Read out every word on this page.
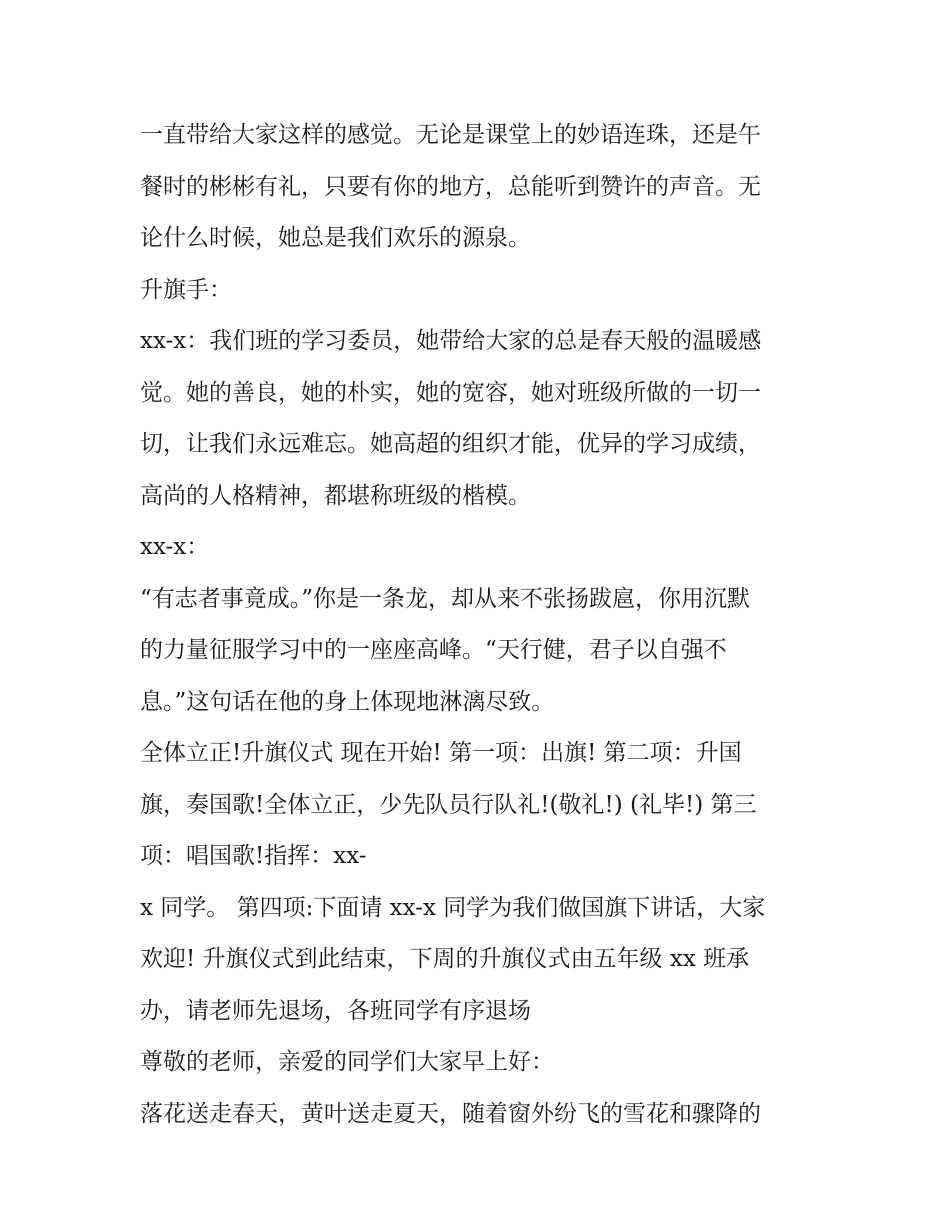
一直带给大家这样的感觉。无论是课堂上的妙语连珠，还是午
餐时的彬彬有礼，只要有你的地方，总能听到赞许的声音。无
论什么时候，她总是我们欢乐的源泉。
升旗手：
xx-x：我们班的学习委员，她带给大家的总是春天般的温暖感
觉。她的善良，她的朴实，她的宽容，她对班级所做的一切一
切，让我们永远难忘。她高超的组织才能，优异的学习成绩，
高尚的人格精神，都堪称班级的楷模。
xx-x：
“有志者事竟成。”你是一条龙，却从来不张扬跋扈，你用沉默
的力量征服学习中的一座座高峰。“天行健，君子以自强不
息。”这句话在他的身上体现地淋漓尽致。
全体立正!升旗仪式 现在开始! 第一项：出旗! 第二项：升国
旗，奏国歌!全体立正，少先队员行队礼!(敬礼!) (礼毕!) 第三
项：唱国歌!指挥：xx-
x 同学。 第四项:下面请 xx-x 同学为我们做国旗下讲话，大家
欢迎! 升旗仪式到此结束，下周的升旗仪式由五年级 xx 班承
办，请老师先退场，各班同学有序退场
尊敬的老师，亲爱的同学们大家早上好：
落花送走春天，黄叶送走夏天，随着窗外纷飞的雪花和骤降的
